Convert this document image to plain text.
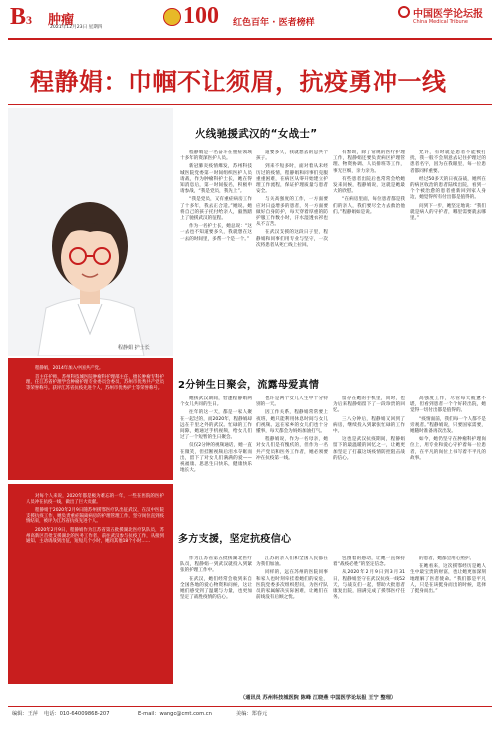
B3 肿瘤
2021年12月23日 星期四	100 红色百年 · 医者榜样
中国医学论坛报
China Medical Tribune
程静娟：巾帼不让须眉，抗疫勇冲一线
程静娟 护士长

程静娟，2014年加入中国共产党。

首主任护师，苏州科技城医院肿瘤科护理部主任，擅长肿瘤专科护理，任江苏省护理学会肿瘤护理专业委员会委员，苏州市优秀共产党员等荣誉称号。获评江苏省抗疫先进个人，苏州市优秀护士等荣誉称号。

对每个人来说，2020年都是极为难忘的一年，一些在医院的医护人员冲在抗疫一线，做出了巨大贡献。

程静娟于2020年2月9日随苏州援鄂医疗队出征武汉，在汉中医院支援抗疫工作，她负责重症隔离病房的护理管理工作，坚守岗位直到疫情结束，被评为江苏省抗疫先进个人。

2020年2月9日，程静娟作为江苏省第五批援湖北医疗队队员，苏州高新区首批支援湖北的医务工作者，前往武汉参与抗疫工作，从接到通知、主动请战到出征，短短几个小时，她同其他18个小时……

火线驰援武汉的“女战士”

程静娟是一名奋斗在重症领域十多年的资深医护人员。

新冠肺炎疫情爆发，苏州科技城医院党委第一时间组织医护人员请战，作为肿瘤科护士长，她在得知消息后，第一时间报名，积极申请参战，“我是党员，我先上”。

“我是党员，又有重症病房工作了十多年，我去正合适。”她说。她将自己的孩子托付给亲人，毅然踏上了驰援武汉的征程。

作为一名护士长，她总说：“这一去也不知道要多久，我就想在这一去的时间里，多帮一个是一个。”

道要多久，我就想去的总共个孩子。

到来不短多时，面对着从未经历过的疫情，程静娟和同事们克服重重困难，在病区从零开始建立护理工作流程，保证护理质量与患者安全。

与关高强度的工作，一方面要应对日益增多的患者，另一方面要做好自身防护，每天穿着厚重的防护服工作数小时，汗水湿透衣衫也从不言苦。

在武汉支援的这段日子里，程静娟和同事们用专业与坚守，一次次将患者从死亡线上拉回。

有繁琐，除了常规的医疗护理工作，程静娟还要负责病区护理管理、物资协调、人员排班等工作，事无巨细，亲力亲为。

有些患者出院后也常常会给她发来问候，程静娟说，这就是她最大的欣慰。

“在病房里面，每位患者都是我们的亲人，我们要尽全力去救治他们。”程静娟如是说。

允许，有时就是患者不能被打扰，我一般不会刻意去记住护理过的患者名字，因为在我眼里，每一位患者都同样重要。

经过50多天的日夜奋战，她所在的病区收治的患者陆续出院，看到一个个被治愈的患者重新回到家人身边，她觉得所有付出都是值得的。

问到下一步，她坚定地说：“我们就是病人的守护者，哪里需要就去哪里。”

2分钟生日聚会，流露母爱真情

她援武汉期间，恰逢程静娟两个女儿共同的生日。

往年的这一天，都是一家人聚在一起过的，而2020年，程静娟却远在千里之外的武汉。忙碌的工作间隙，她通过手机视频，给女儿们过了一个短暂的生日聚会。

仅仅2分钟的视频通话，她一直在微笑，但挂断视频后泪水夺眶而出，留下了对女儿们满满的爱——祝福康、思思生日快乐，健康快乐地长大。

也许是两个女儿人生中十分特别的一天。

因工作关系，程静娟常常要上夜班，她只能利用休息时间与女儿们视频。远在家乡的女儿们也十分懂事，每天都会为妈妈加油打气。

程静娟说，作为一名母亲，她对女儿们是有愧疚的，但作为一名共产党员和医务工作者，她必须要冲在抗疫第一线。

留存在她的手机里，同时，也为后来程静娟留下了一段珍贵的回忆。

三八分钟后，程静娟又回到了病房，继续投入到紧张忙碌的工作中。

这也是武汉抗疫期间，程静娟留下的最温暖的回忆之一，让她更加坚定了打赢这场疫情防控阻击战的信心。

高强度工作，尽管每天疲惫不堪，但看到患者一个个好转出院，她觉得一切付出都是值得的。

“疫情面前，我们每一个人都不是旁观者。”程静娟说，只要国家需要，她随时准备再次出发。

如今，她仍坚守在肿瘤科护理岗位上，用专业和爱心守护着每一位患者，在平凡的岗位上书写着不平凡的故事。

多方支援，坚定抗疫信心

作为江苏省第五批援湖北医疗队员，程静娟一到武汉就投入到紧张的护理工作中。

在武汉，她们经常会收到来自全国各地的爱心物资和问候，这让她们感受到了温暖与力量，也更加坚定了战胜疫情的信心。

江苏的亲人们和全国人民都在为我们加油。

同样的，远在苏州的医院同事和家人也时刻牵挂着她们的安危，医院党委多次组织慰问，为医疗队员的家属解决实际困难，让她们在前线没有后顾之忧。

包围着的感动，让她一直保持着“战疫必胜”的坚定信念。

从2020年2月9日到3月31日，程静娟坚守在武汉抗疫一线52天，与战友们一起，帮助大批患者康复出院，圆满完成了援鄂医疗任务。

的患者，她都会用心照护。

在她看来，这次援鄂经历是她人生中最宝贵的财富，也让她更加深刻地理解了医者使命。“我们都是平凡人，只是在该挺身而出的时候，选择了挺身而出。”

（通讯员 苏州科技城医院 陈峰 江晓燕 中国医学论坛报 王宁 整理）
编辑：王萍 电话：010-64009868-207	E-mail：wangc@cmt.com.cn	美编：郑春元
